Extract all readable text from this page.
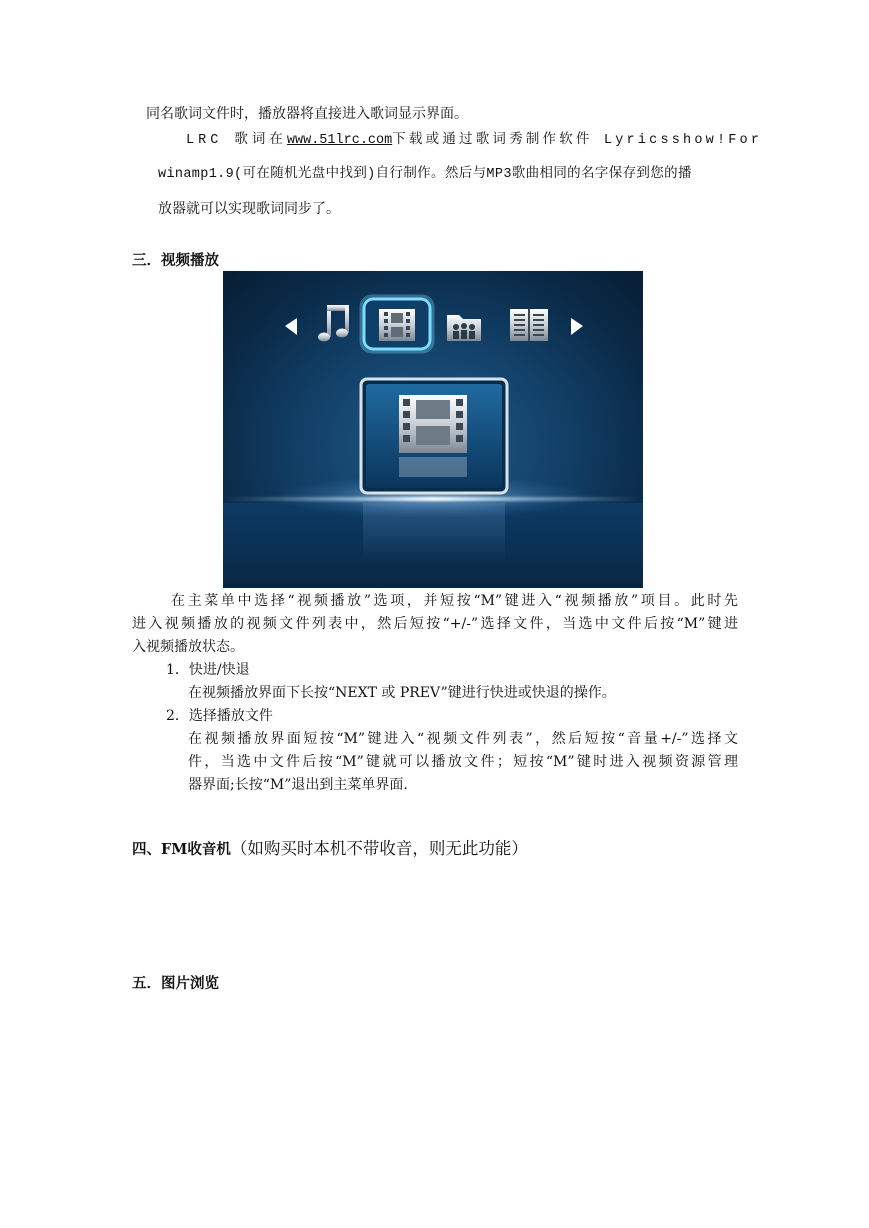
同名歌词文件时，播放器将直接进入歌词显示界面。
LRC 歌词在 www.51lrc.com 下载或通过歌词秀制作软件 Lyricsshow!For
winamp1.9(可在随机光盘中找到)自行制作。然后与MP3歌曲相同的名字保存到您的播
放器就可以实现歌词同步了。
三．视频播放
在主菜单中选择“视频播放”选项，并短按“M”键进入“视频播放”项目。此时先
进入视频播放的视频文件列表中，然后短按“+/-”选择文件，当选中文件后按“M”键进
入视频播放状态。
1．快进/快退
在视频播放界面下长按“NEXT 或 PREV”键进行快进或快退的操作。
2．选择播放文件
在视频播放界面短按“M”键进入“视频文件列表”，然后短按“音量+/-”选择文
件，当选中文件后按“M”键就可以播放文件；短按“M”键时进入视频资源管理
器界面;长按“M”退出到主菜单界面.
四、FM收音机（如购买时本机不带收音，则无此功能）
五．图片浏览
